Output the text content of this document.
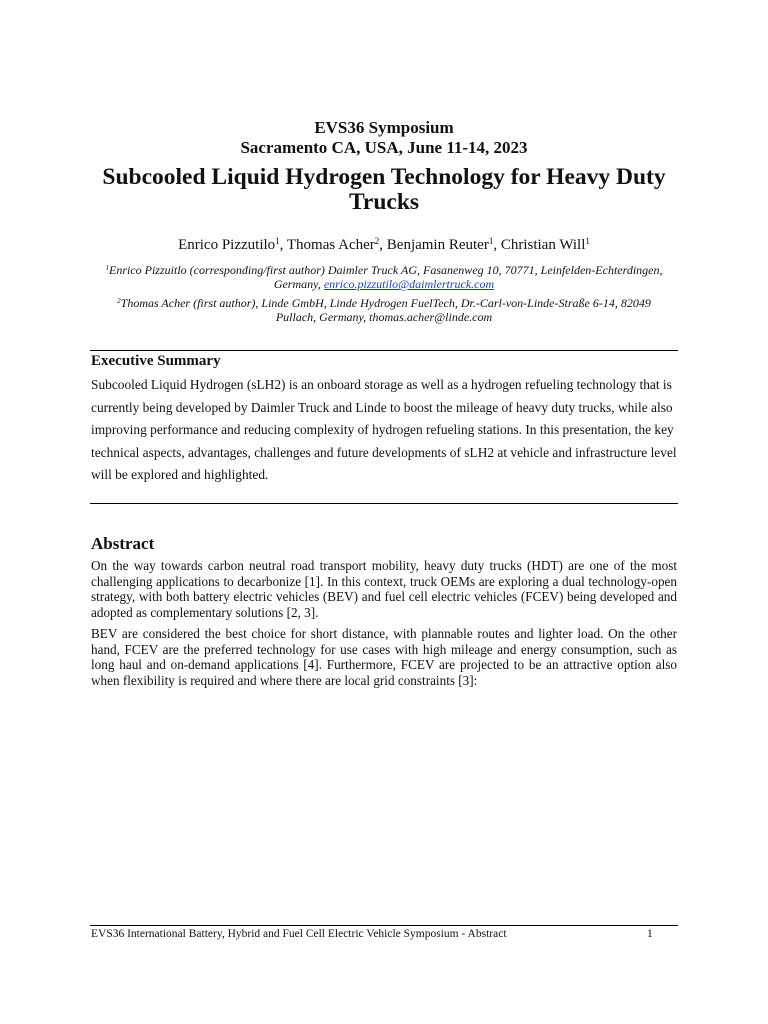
EVS36 Symposium
Sacramento CA, USA, June 11-14, 2023
Subcooled Liquid Hydrogen Technology for Heavy Duty Trucks
Enrico Pizzutilo$^1$, Thomas Acher$^2$, Benjamin Reuter$^1$, Christian Will$^1$
$^1$Enrico Pizzuitlo (corresponding/first author) Daimler Truck AG, Fasanenweg 10, 70771, Leinfelden-Echterdingen, Germany, enrico.pizzutilo@daimlertruck.com
$^2$Thomas Acher (first author), Linde GmbH, Linde Hydrogen FuelTech, Dr.-Carl-von-Linde-Straße 6-14, 82049 Pullach, Germany, thomas.acher@linde.com
Executive Summary
Subcooled Liquid Hydrogen (sLH2) is an onboard storage as well as a hydrogen refueling technology that is currently being developed by Daimler Truck and Linde to boost the mileage of heavy duty trucks, while also improving performance and reducing complexity of hydrogen refueling stations. In this presentation, the key technical aspects, advantages, challenges and future developments of sLH2 at vehicle and infrastructure level will be explored and highlighted.
Abstract

On the way towards carbon neutral road transport mobility, heavy duty trucks (HDT) are one of the most challenging applications to decarbonize [1]. In this context, truck OEMs are exploring a dual technology-open strategy, with both battery electric vehicles (BEV) and fuel cell electric vehicles (FCEV) being developed and adopted as complementary solutions [2, 3].

BEV are considered the best choice for short distance, with plannable routes and lighter load. On the other hand, FCEV are the preferred technology for use cases with high mileage and energy consumption, such as long haul and on-demand applications [4]. Furthermore, FCEV are projected to be an attractive option also when flexibility is required and where there are local grid constraints [3]:

EVS36 International Battery, Hybrid and Fuel Cell Electric Vehicle Symposium - Abstract	1
